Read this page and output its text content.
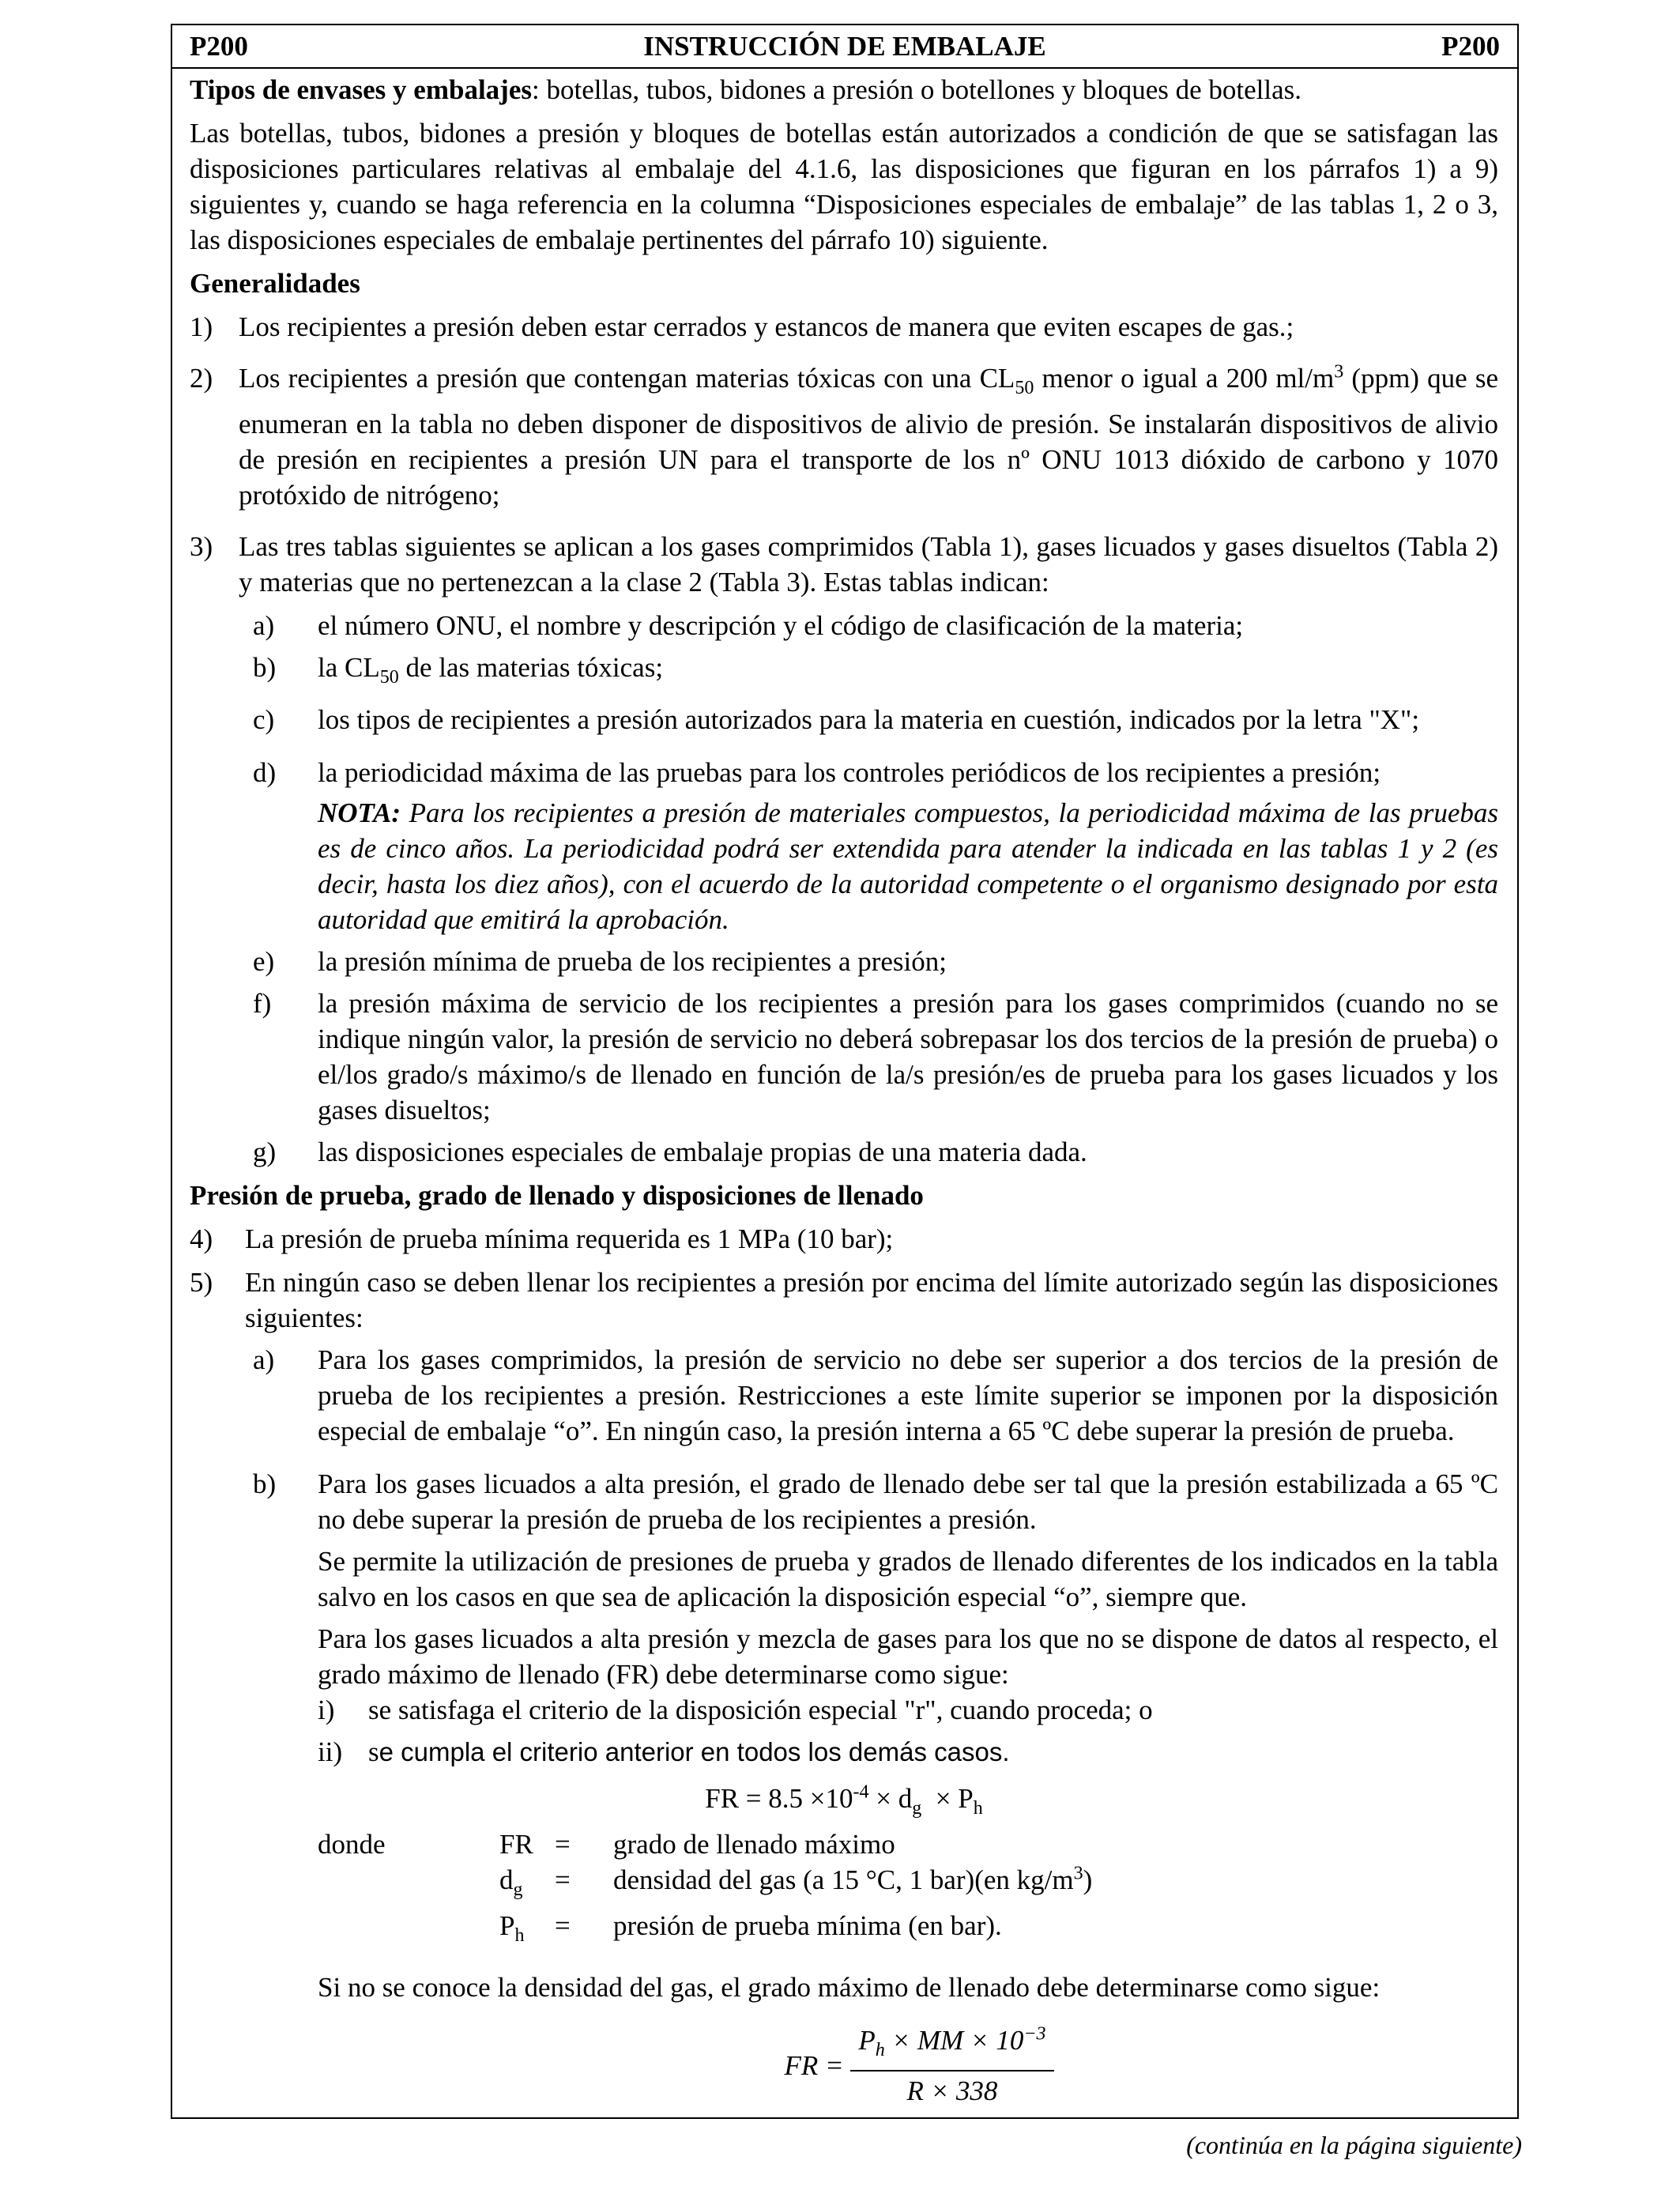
P200	INSTRUCCIÓN DE EMBALAJE	P200

Tipos de envases y embalajes: botellas, tubos, bidones a presión o botellones y bloques de botellas.

Las botellas, tubos, bidones a presión y bloques de botellas están autorizados a condición de que se satisfagan las disposiciones particulares relativas al embalaje del 4.1.6, las disposiciones que figuran en los párrafos 1) a 9) siguientes y, cuando se haga referencia en la columna “Disposiciones especiales de embalaje” de las tablas 1, 2 o 3, las disposiciones especiales de embalaje pertinentes del párrafo 10) siguiente.

Generalidades

1) Los recipientes a presión deben estar cerrados y estancos de manera que eviten escapes de gas.;
2) Los recipientes a presión que contengan materias tóxicas con una $CL_{50}$ menor o igual a 200 $ml/m^3$ (ppm) que se enumeran en la tabla no deben disponer de dispositivos de alivio de presión. Se instalarán dispositivos de alivio de presión en recipientes a presión UN para el transporte de los nº ONU 1013 dióxido de carbono y 1070 protóxido de nitrógeno;
3) Las tres tablas siguientes se aplican a los gases comprimidos (Tabla 1), gases licuados y gases disueltos (Tabla 2) y materias que no pertenezcan a la clase 2 (Tabla 3). Estas tablas indican:
a) el número ONU, el nombre y descripción y el código de clasificación de la materia;
b) la $CL_{50}$ de las materias tóxicas;
c) los tipos de recipientes a presión autorizados para la materia en cuestión, indicados por la letra "X";
d) la periodicidad máxima de las pruebas para los controles periódicos de los recipientes a presión;
NOTA: Para los recipientes a presión de materiales compuestos, la periodicidad máxima de las pruebas es de cinco años. La periodicidad podrá ser extendida para atender la indicada en las tablas 1 y 2 (es decir, hasta los diez años), con el acuerdo de la autoridad competente o el organismo designado por esta autoridad que emitirá la aprobación.
e) la presión mínima de prueba de los recipientes a presión;
f) la presión máxima de servicio de los recipientes a presión para los gases comprimidos (cuando no se indique ningún valor, la presión de servicio no deberá sobrepasar los dos tercios de la presión de prueba) o el/los grado/s máximo/s de llenado en función de la/s presión/es de prueba para los gases licuados y los gases disueltos;
g) las disposiciones especiales de embalaje propias de una materia dada.

Presión de prueba, grado de llenado y disposiciones de llenado

4) La presión de prueba mínima requerida es 1 MPa (10 bar);
5) En ningún caso se deben llenar los recipientes a presión por encima del límite autorizado según las disposiciones siguientes:
a) Para los gases comprimidos, la presión de servicio no debe ser superior a dos tercios de la presión de prueba de los recipientes a presión. Restricciones a este límite superior se imponen por la disposición especial de embalaje “o”. En ningún caso, la presión interna a 65 ºC debe superar la presión de prueba.
b) Para los gases licuados a alta presión, el grado de llenado debe ser tal que la presión estabilizada a 65 ºC no debe superar la presión de prueba de los recipientes a presión.

Se permite la utilización de presiones de prueba y grados de llenado diferentes de los indicados en la tabla salvo en los casos en que sea de aplicación la disposición especial “o”, siempre que.

Para los gases licuados a alta presión y mezcla de gases para los que no se dispone de datos al respecto, el grado máximo de llenado (FR) debe determinarse como sigue:

i) se satisfaga el criterio de la disposición especial "r", cuando proceda; o
ii) se cumpla el criterio anterior en todos los demás casos.
FR = $8.5 \times 10^{-4} \times d_g \times P_h$
donde	FR	=	grado de llenado máximo
	$d_g$	=	densidad del gas (a 15 °C, 1 bar)(en $kg/m^3$)
	$P_h$	=	presión de prueba mínima (en bar).

Si no se conoce la densidad del gas, el grado máximo de llenado debe determinarse como sigue:

FR = $\frac{P_h \times MM \times 10^{-3}}{R \times 338}$
(continúa en la página siguiente)
